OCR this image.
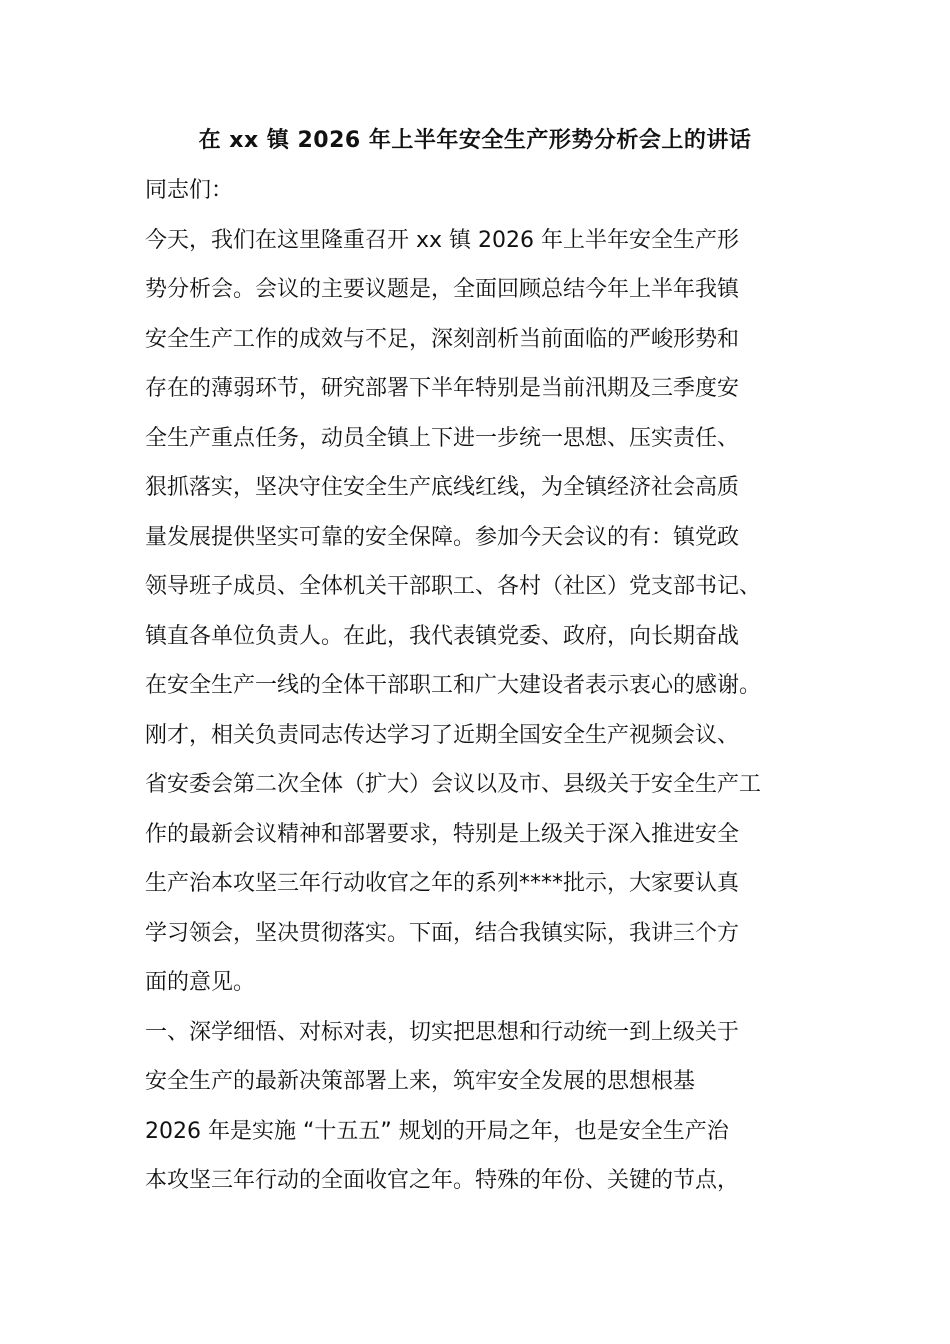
在 xx 镇 2026 年上半年安全生产形势分析会上的讲话
同志们：
今天，我们在这里隆重召开 xx 镇 2026 年上半年安全生产形
势分析会。会议的主要议题是，全面回顾总结今年上半年我镇
安全生产工作的成效与不足，深刻剖析当前面临的严峻形势和
存在的薄弱环节，研究部署下半年特别是当前汛期及三季度安
全生产重点任务，动员全镇上下进一步统一思想、压实责任、
狠抓落实，坚决守住安全生产底线红线，为全镇经济社会高质
量发展提供坚实可靠的安全保障。参加今天会议的有：镇党政
领导班子成员、全体机关干部职工、各村（社区）党支部书记、
镇直各单位负责人。在此，我代表镇党委、政府，向长期奋战
在安全生产一线的全体干部职工和广大建设者表示衷心的感谢。
刚才，相关负责同志传达学习了近期全国安全生产视频会议、
省安委会第二次全体（扩大）会议以及市、县级关于安全生产工
作的最新会议精神和部署要求，特别是上级关于深入推进安全
生产治本攻坚三年行动收官之年的系列****批示，大家要认真
学习领会，坚决贯彻落实。下面，结合我镇实际，我讲三个方
面的意见。
一、深学细悟、对标对表，切实把思想和行动统一到上级关于
安全生产的最新决策部署上来，筑牢安全发展的思想根基
2026 年是实施 “十五五” 规划的开局之年，也是安全生产治
本攻坚三年行动的全面收官之年。特殊的年份、关键的节点，
